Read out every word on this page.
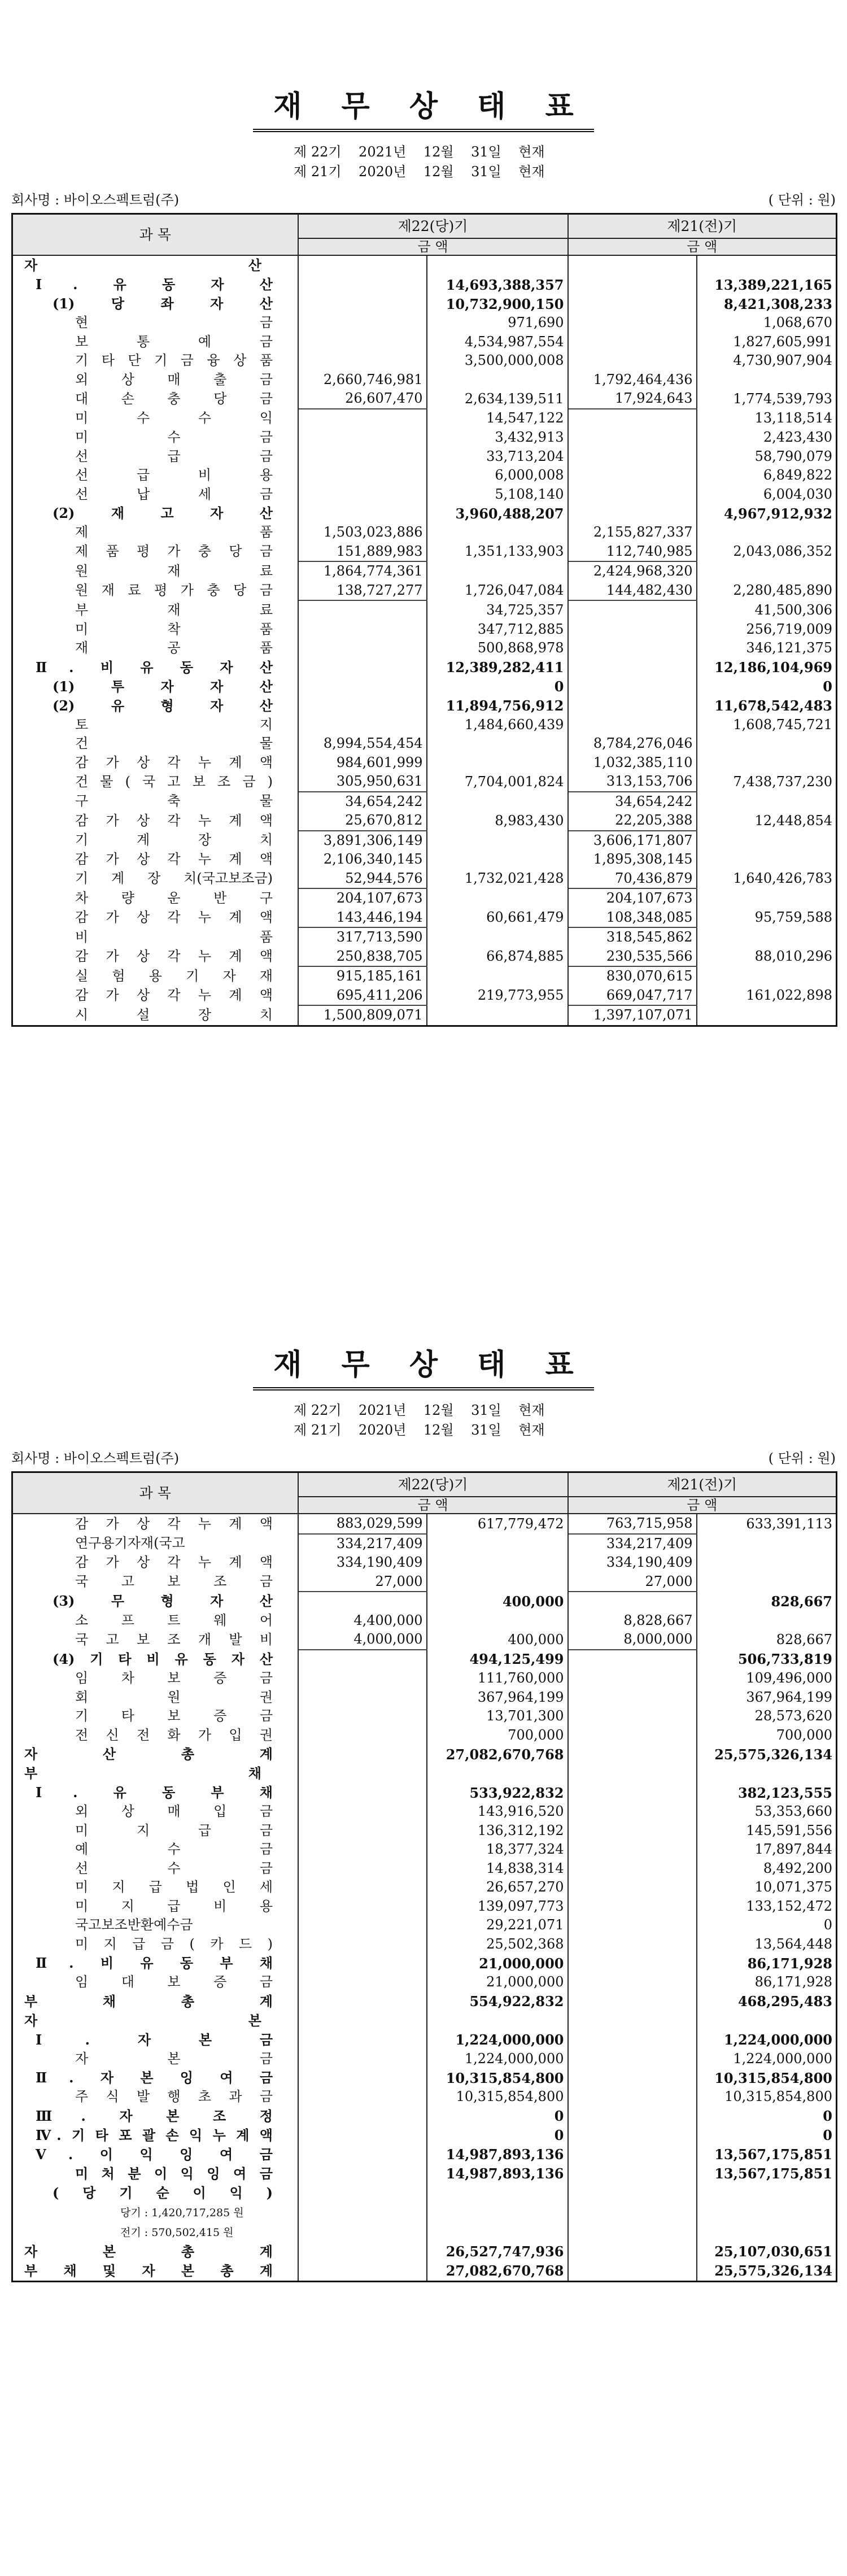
재 무 상 태 표
제 22기    2021년    12월    31일    현재
제 21기    2020년    12월    31일    현재
회사명 : 바이오스펙트럼(주)	( 단위 : 원)
과 목	제22(당)기		제21(전)기	
	금 액		금 액	
자 산				
Ⅰ. 유 동 자 산		14,693,388,357		13,389,221,165
(1) 당 좌 자 산		10,732,900,150		8,421,308,233
현 금		971,690		1,068,670
보 통 예 금		4,534,987,554		1,827,605,991
기 타 단 기 금 융 상 품		3,500,000,008		4,730,907,904
외 상 매 출 금	2,660,746,981		1,792,464,436	
대 손 충 당 금	26,607,470	2,634,139,511	17,924,643	1,774,539,793
미 수 수 익		14,547,122		13,118,514
미 수 금		3,432,913		2,423,430
선 급 금		33,713,204		58,790,079
선 급 비 용		6,000,008		6,849,822
선 납 세 금		5,108,140		6,004,030
(2) 재 고 자 산		3,960,488,207		4,967,912,932
제 품	1,503,023,886		2,155,827,337	
제 품 평 가 충 당 금	151,889,983	1,351,133,903	112,740,985	2,043,086,352
원 재 료	1,864,774,361		2,424,968,320	
원 재 료 평 가 충 당 금	138,727,277	1,726,047,084	144,482,430	2,280,485,890
부 재 료		34,725,357		41,500,306
미 착 품		347,712,885		256,719,009
재 공 품		500,868,978		346,121,375
Ⅱ. 비 유 동 자 산		12,389,282,411		12,186,104,969
(1) 투 자 자 산		0		0
(2) 유 형 자 산		11,894,756,912		11,678,542,483
토 지		1,484,660,439		1,608,745,721
건 물	8,994,554,454		8,784,276,046	
감 가 상 각 누 계 액	984,601,999		1,032,385,110	
건 물 ( 국 고 보 조 금 )	305,950,631	7,704,001,824	313,153,706	7,438,737,230
구 축 물	34,654,242		34,654,242	
감 가 상 각 누 계 액	25,670,812	8,983,430	22,205,388	12,448,854
기 계 장 치	3,891,306,149		3,606,171,807	
감 가 상 각 누 계 액	2,106,340,145		1,895,308,145	
기 계 장 치(국고보조금)	52,944,576	1,732,021,428	70,436,879	1,640,426,783
차 량 운 반 구	204,107,673		204,107,673	
감 가 상 각 누 계 액	143,446,194	60,661,479	108,348,085	95,759,588
비 품	317,713,590		318,545,862	
감 가 상 각 누 계 액	250,838,705	66,874,885	230,535,566	88,010,296
실 험 용 기 자 재	915,185,161		830,070,615	
감 가 상 각 누 계 액	695,411,206	219,773,955	669,047,717	161,022,898
시 설 장 치	1,500,809,071		1,397,107,071	
재 무 상 태 표
제 22기    2021년    12월    31일    현재
제 21기    2020년    12월    31일    현재
회사명 : 바이오스펙트럼(주)	( 단위 : 원)
과 목	제22(당)기		제21(전)기	
	금 액		금 액	
감 가 상 각 누 계 액	883,029,599	617,779,472	763,715,958	633,391,113
연구용기자재(국고	334,217,409		334,217,409	
감 가 상 각 누 계 액	334,190,409		334,190,409	
국 고 보 조 금	27,000		27,000	
(3) 무 형 자 산		400,000		828,667
소 프 트 웨 어	4,400,000		8,828,667	
국 고 보 조 개 발 비	4,000,000	400,000	8,000,000	828,667
(4) 기 타 비 유 동 자 산		494,125,499		506,733,819
임 차 보 증 금		111,760,000		109,496,000
회 원 권		367,964,199		367,964,199
기 타 보 증 금		13,701,300		28,573,620
전 신 전 화 가 입 권		700,000		700,000
자 산 총 계		27,082,670,768		25,575,326,134
부 채				
Ⅰ. 유 동 부 채		533,922,832		382,123,555
외 상 매 입 금		143,916,520		53,353,660
미 지 급 금		136,312,192		145,591,556
예 수 금		18,377,324		17,897,844
선 수 금		14,838,314		8,492,200
미 지 급 법 인 세		26,657,270		10,071,375
미 지 급 비 용		139,097,773		133,152,472
국고보조반환예수금		29,221,071		0
미 지 급 금 ( 카 드 )		25,502,368		13,564,448
Ⅱ. 비 유 동 부 채		21,000,000		86,171,928
임 대 보 증 금		21,000,000		86,171,928
부 채 총 계		554,922,832		468,295,483
자 본				
Ⅰ. 자 본 금		1,224,000,000		1,224,000,000
자 본 금		1,224,000,000		1,224,000,000
Ⅱ. 자 본 잉 여 금		10,315,854,800		10,315,854,800
주 식 발 행 초 과 금		10,315,854,800		10,315,854,800
Ⅲ. 자 본 조 정		0		0
Ⅳ. 기 타 포 괄 손 익 누 계 액		0		0
Ⅴ. 이 익 잉 여 금		14,987,893,136		13,567,175,851
미 처 분 이 익 잉 여 금		14,987,893,136		13,567,175,851
( 당 기 순 이 익 )				
당기 : 1,420,717,285 원				
전기 : 570,502,415 원				
자 본 총 계		26,527,747,936		25,107,030,651
부 채 및 자 본 총 계		27,082,670,768		25,575,326,134
